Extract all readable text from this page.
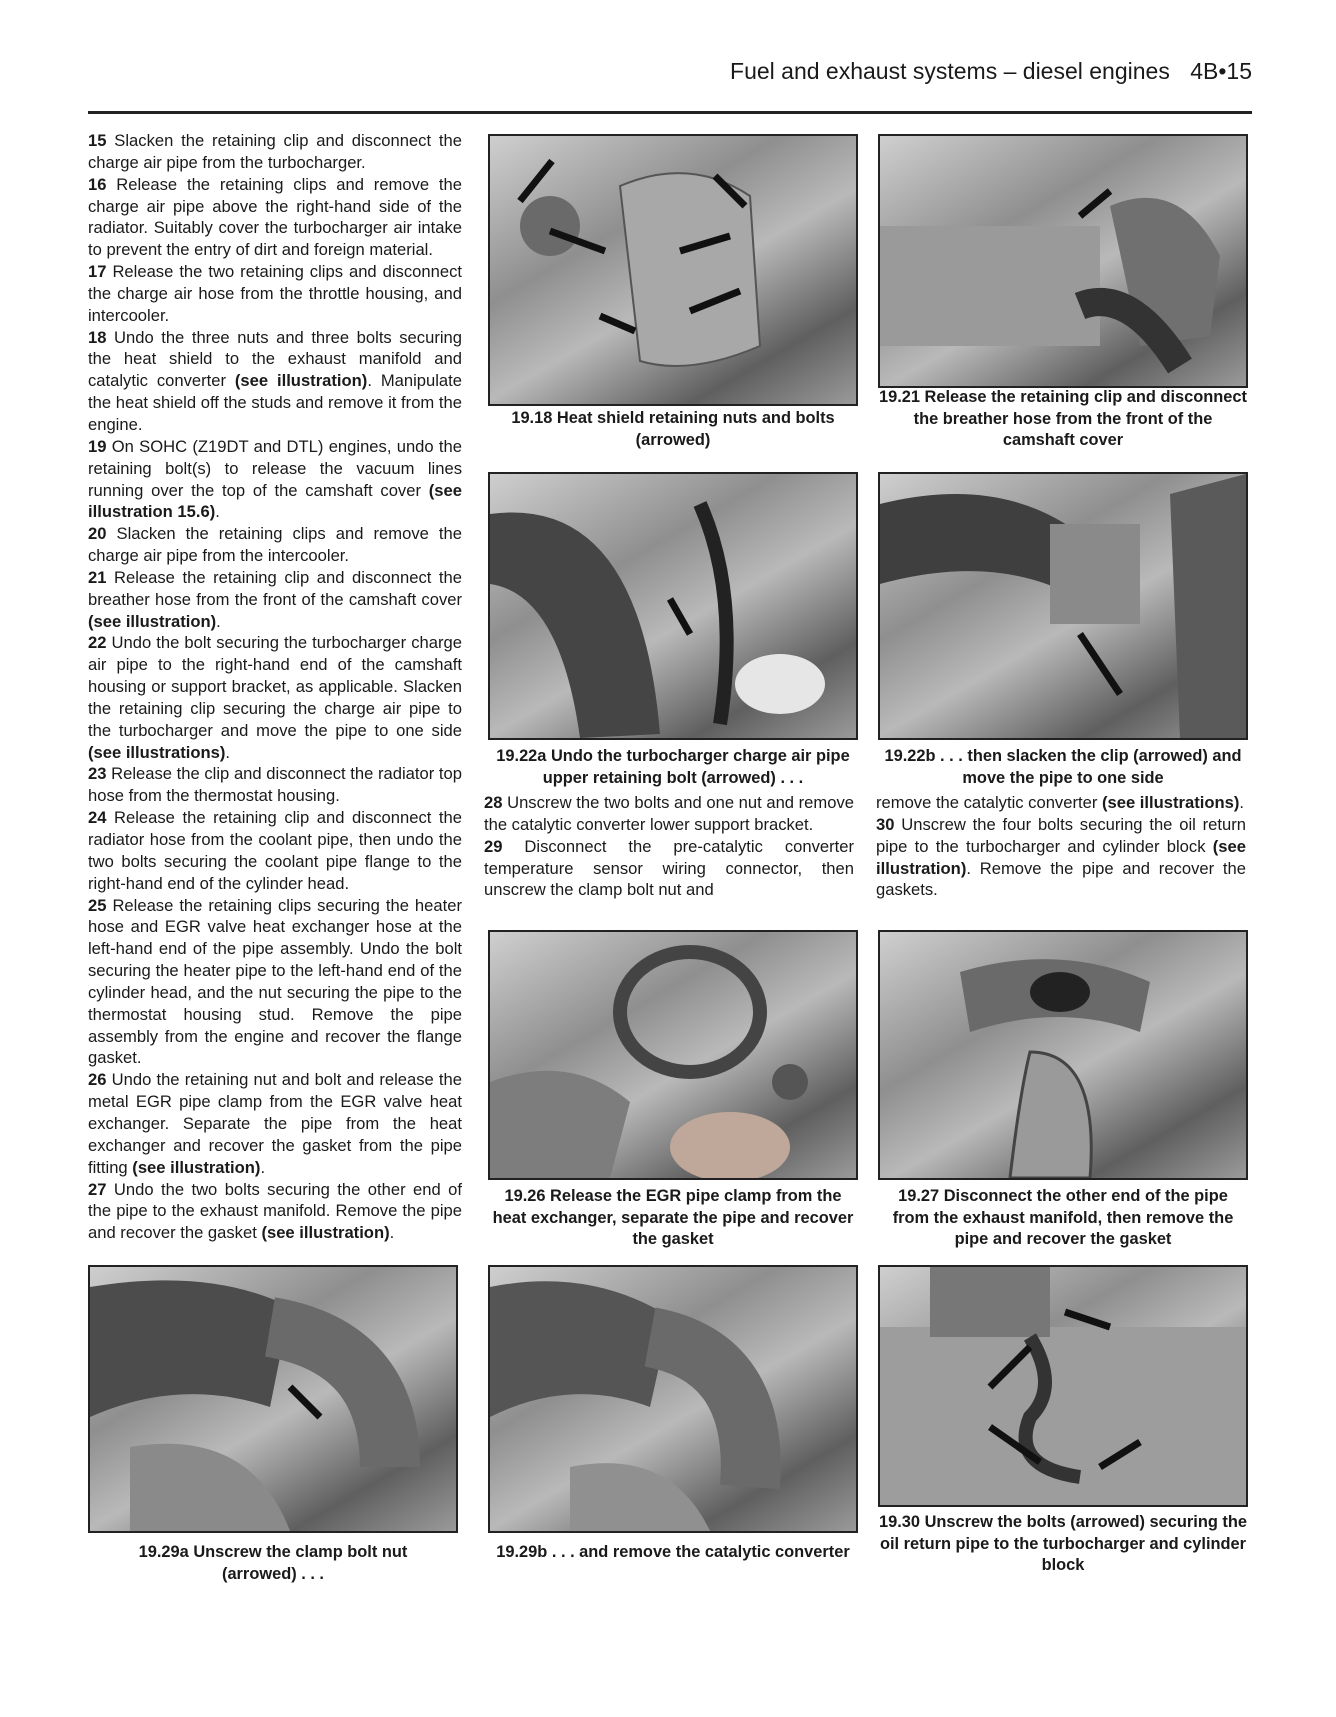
Fuel and exhaust systems – diesel engines 4B•15

15 Slacken the retaining clip and disconnect the charge air pipe from the turbocharger.

16 Release the retaining clips and remove the charge air pipe above the right-hand side of the radiator. Suitably cover the turbocharger air intake to prevent the entry of dirt and foreign material.

17 Release the two retaining clips and disconnect the charge air hose from the throttle housing, and intercooler.

18 Undo the three nuts and three bolts securing the heat shield to the exhaust manifold and catalytic converter (see illustration). Manipulate the heat shield off the studs and remove it from the engine.

19 On SOHC (Z19DT and DTL) engines, undo the retaining bolt(s) to release the vacuum lines running over the top of the camshaft cover (see illustration 15.6).

20 Slacken the retaining clips and remove the charge air pipe from the intercooler.

21 Release the retaining clip and disconnect the breather hose from the front of the camshaft cover (see illustration).

22 Undo the bolt securing the turbocharger charge air pipe to the right-hand end of the camshaft housing or support bracket, as applicable. Slacken the retaining clip securing the charge air pipe to the turbocharger and move the pipe to one side (see illustrations).

23 Release the clip and disconnect the radiator top hose from the thermostat housing.

24 Release the retaining clip and disconnect the radiator hose from the coolant pipe, then undo the two bolts securing the coolant pipe flange to the right-hand end of the cylinder head.

25 Release the retaining clips securing the heater hose and EGR valve heat exchanger hose at the left-hand end of the pipe assembly. Undo the bolt securing the heater pipe to the left-hand end of the cylinder head, and the nut securing the pipe to the thermostat housing stud. Remove the pipe assembly from the engine and recover the flange gasket.

26 Undo the retaining nut and bolt and release the metal EGR pipe clamp from the EGR valve heat exchanger. Separate the pipe from the heat exchanger and recover the gasket from the pipe fitting (see illustration).

27 Undo the two bolts securing the other end of the pipe to the exhaust manifold. Remove the pipe and recover the gasket (see illustration).

19.18 Heat shield retaining nuts and bolts (arrowed)
19.21 Release the retaining clip and disconnect the breather hose from the front of the camshaft cover
19.22a Undo the turbocharger charge air pipe upper retaining bolt (arrowed) . . .
19.22b . . . then slacken the clip (arrowed) and move the pipe to one side

28 Unscrew the two bolts and one nut and remove the catalytic converter lower support bracket.

29 Disconnect the pre-catalytic converter temperature sensor wiring connector, then unscrew the clamp bolt nut and

remove the catalytic converter (see illustrations).

30 Unscrew the four bolts securing the oil return pipe to the turbocharger and cylinder block (see illustration). Remove the pipe and recover the gaskets.

19.26 Release the EGR pipe clamp from the heat exchanger, separate the pipe and recover the gasket
19.27 Disconnect the other end of the pipe from the exhaust manifold, then remove the pipe and recover the gasket
19.29a Unscrew the clamp bolt nut (arrowed) . . .
19.29b . . . and remove the catalytic converter
19.30 Unscrew the bolts (arrowed) securing the oil return pipe to the turbocharger and cylinder block
